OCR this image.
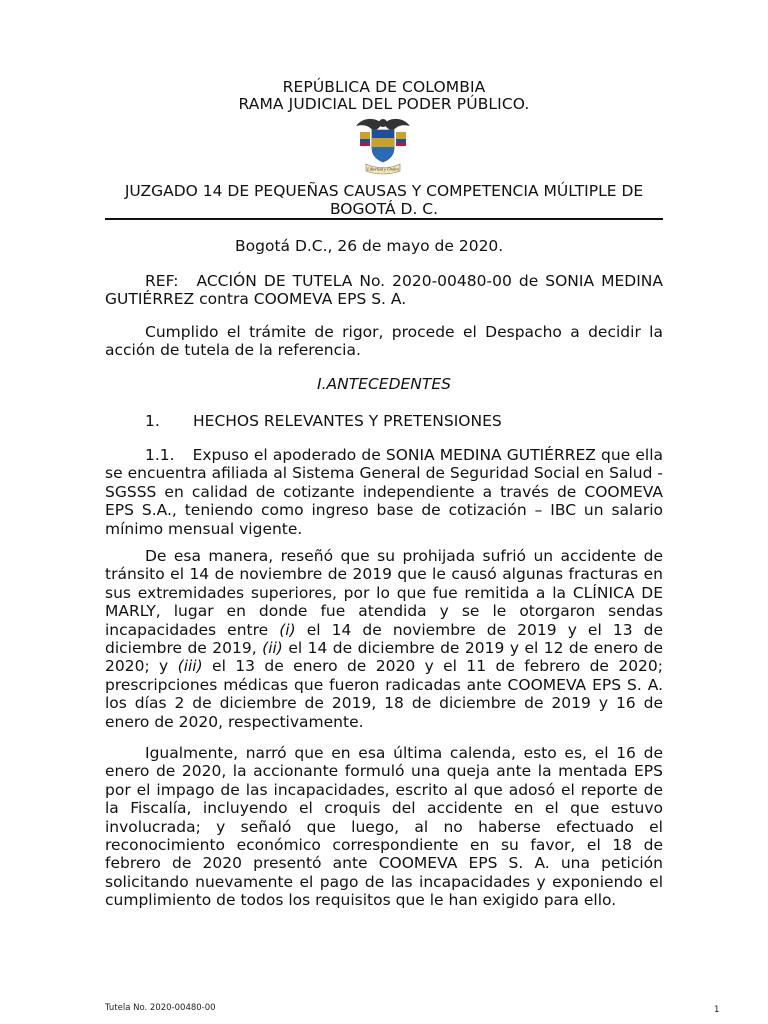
REPÚBLICA DE COLOMBIA
RAMA JUDICIAL DEL PODER PÚBLICO.
Libertad y Orden
JUZGADO 14 DE PEQUEÑAS CAUSAS Y COMPETENCIA MÚLTIPLE DE BOGOTÁ D. C.

Bogotá D.C., 26 de mayo de 2020.

REF: ACCIÓN DE TUTELA No. 2020-00480-00 de SONIA MEDINA GUTIÉRREZ contra COOMEVA EPS S. A.

Cumplido el trámite de rigor, procede el Despacho a decidir la acción de tutela de la referencia.

I.ANTECEDENTES
1. HECHOS RELEVANTES Y PRETENSIONES

1.1. Expuso el apoderado de SONIA MEDINA GUTIÉRREZ que ella se encuentra afiliada al Sistema General de Seguridad Social en Salud - SGSSS en calidad de cotizante independiente a través de COOMEVA EPS S.A., teniendo como ingreso base de cotización – IBC un salario mínimo mensual vigente.

De esa manera, reseñó que su prohijada sufrió un accidente de tránsito el 14 de noviembre de 2019 que le causó algunas fracturas en sus extremidades superiores, por lo que fue remitida a la CLÍNICA DE MARLY, lugar en donde fue atendida y se le otorgaron sendas incapacidades entre (i) el 14 de noviembre de 2019 y el 13 de diciembre de 2019, (ii) el 14 de diciembre de 2019 y el 12 de enero de 2020; y (iii) el 13 de enero de 2020 y el 11 de febrero de 2020; prescripciones médicas que fueron radicadas ante COOMEVA EPS S. A. los días 2 de diciembre de 2019, 18 de diciembre de 2019 y 16 de enero de 2020, respectivamente.

Igualmente, narró que en esa última calenda, esto es, el 16 de enero de 2020, la accionante formuló una queja ante la mentada EPS por el impago de las incapacidades, escrito al que adosó el reporte de la Fiscalía, incluyendo el croquis del accidente en el que estuvo involucrada; y señaló que luego, al no haberse efectuado el reconocimiento económico correspondiente en su favor, el 18 de febrero de 2020 presentó ante COOMEVA EPS S. A. una petición solicitando nuevamente el pago de las incapacidades y exponiendo el cumplimiento de todos los requisitos que le han exigido para ello.

Tutela No. 2020-00480-00	1
